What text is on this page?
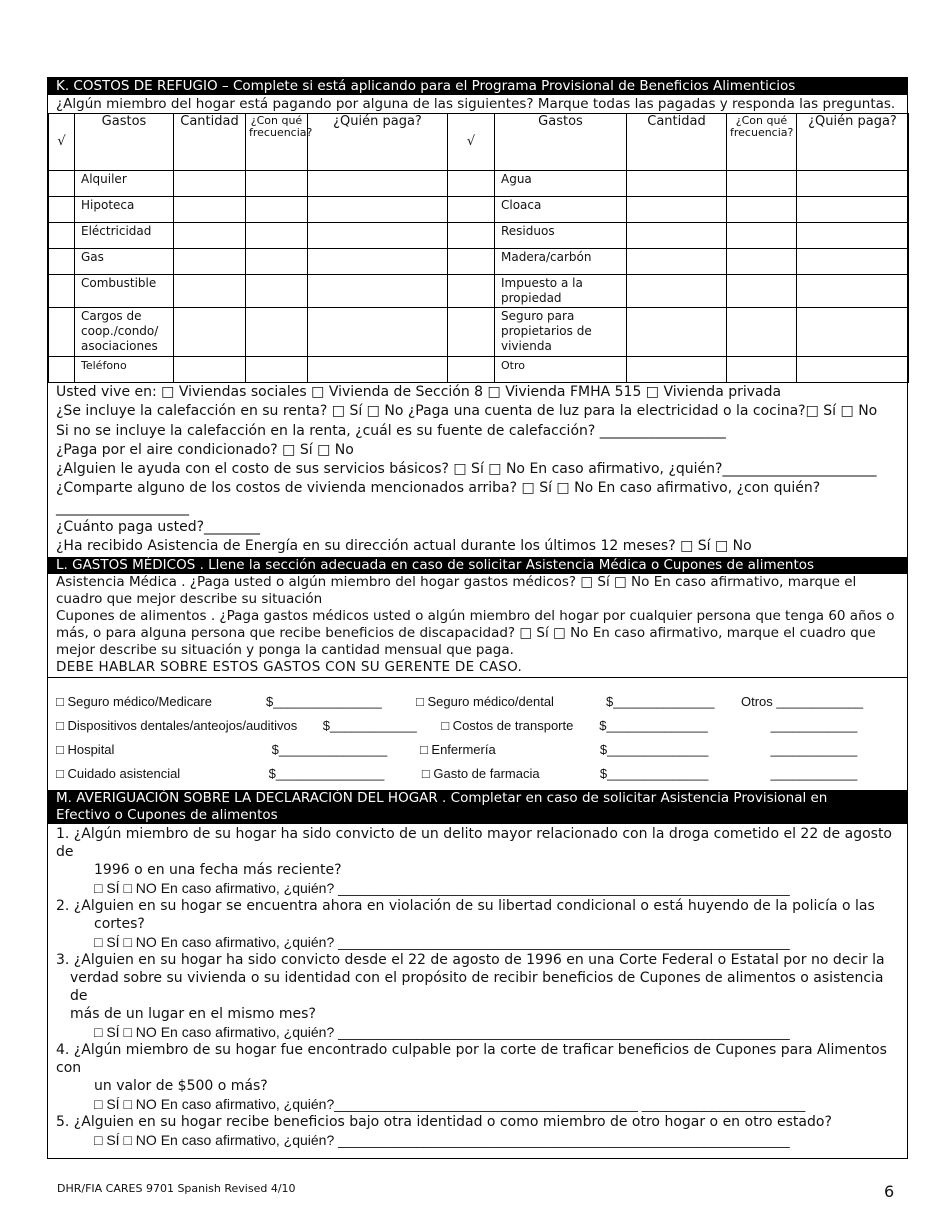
K. COSTOS DE REFUGIO – Complete si está aplicando para el Programa Provisional de Beneficios Alimenticios
¿Algún miembro del hogar está pagando por alguna de las siguientes? Marque todas las pagadas y responda las preguntas.
√	Gastos	Cantidad	¿Con qué frecuencia?	¿Quién paga?	√	Gastos	Cantidad	¿Con qué frecuencia?	¿Quién paga?
	Alquiler					Agua			
	Hipoteca					Cloaca			
	Eléctricidad					Residuos			
	Gas					Madera/carbón			
	Combustible					Impuesto a la propiedad			
	Cargos de coop./condo/ asociaciones					Seguro para propietarios de vivienda			
	Teléfono					Otro			
Usted vive en: □ Viviendas sociales □ Vivienda de Sección 8 □ Vivienda FMHA 515 □ Vivienda privada
¿Se incluye la calefacción en su renta? □ Sí □ No ¿Paga una cuenta de luz para la electricidad o la cocina?□ Sí □ No
Si no se incluye la calefacción en la renta, ¿cuál es su fuente de calefacción? __________________
¿Paga por el aire condicionado? □ Sí □ No
¿Alguien le ayuda con el costo de sus servicios básicos? □ Sí □ No En caso afirmativo, ¿quién?______________________
¿Comparte alguno de los costos de vivienda mencionados arriba? □ Sí □ No En caso afirmativo, ¿con quién?
___________________
¿Cuánto paga usted?________
¿Ha recibido Asistencia de Energía en su dirección actual durante los últimos 12 meses? □ Sí □ No
L. GASTOS MÉDICOS . Llene la sección adecuada en caso de solicitar Asistencia Médica o Cupones de alimentos
Asistencia Médica . ¿Paga usted o algún miembro del hogar gastos médicos? □ Sí □ No En caso afirmativo, marque el cuadro que mejor describe su situación
Cupones de alimentos . ¿Paga gastos médicos usted o algún miembro del hogar por cualquier persona que tenga 60 años o más, o para alguna persona que recibe beneficios de discapacidad? □ Sí □ No En caso afirmativo, marque el cuadro que mejor describe su situación y ponga la cantidad mensual que paga.
DEBE HABLAR SOBRE ESTOS GASTOS CON SU GERENTE DE CASO.
□ Seguro médico/Medicare	$_______________	□ Seguro médico/dental	$______________	Otros ____________
□ Dispositivos dentales/anteojos/auditivos	$____________	□ Costos de transporte	$______________	____________
□ Hospital	$_______________	□ Enfermería	$______________	____________
□ Cuidado asistencial	$_______________	□ Gasto de farmacia	$______________	____________
M. AVERIGUACIÓN SOBRE LA DECLARACIÓN DEL HOGAR . Completar en caso de solicitar Asistencia Provisional en
Efectivo o Cupones de alimentos
1. ¿Algún miembro de su hogar ha sido convicto de un delito mayor relacionado con la droga cometido el 22 de agosto de
1996 o en una fecha más reciente?
□ SÍ □ NO En caso afirmativo, ¿quién? __________________________________________________________
2. ¿Alguien en su hogar se encuentra ahora en violación de su libertad condicional o está huyendo de la policía o las
cortes?
□ SÍ □ NO En caso afirmativo, ¿quién? __________________________________________________________
3. ¿Alguien en su hogar ha sido convicto desde el 22 de agosto de 1996 en una Corte Federal o Estatal por no decir la
verdad sobre su vivienda o su identidad con el propósito de recibir beneficios de Cupones de alimentos o asistencia de
más de un lugar en el mismo mes?
□ SÍ □ NO En caso afirmativo, ¿quién? __________________________________________________________
4. ¿Algún miembro de su hogar fue encontrado culpable por la corte de traficar beneficios de Cupones para Alimentos con
un valor de $500 o más?
□ SÍ □ NO En caso afirmativo, ¿quién?_______________________________________ _____________________
5. ¿Alguien en su hogar recibe beneficios bajo otra identidad o como miembro de otro hogar o en otro estado?
□ SÍ □ NO En caso afirmativo, ¿quién? __________________________________________________________
DHR/FIA CARES 9701 Spanish Revised 4/10	6
